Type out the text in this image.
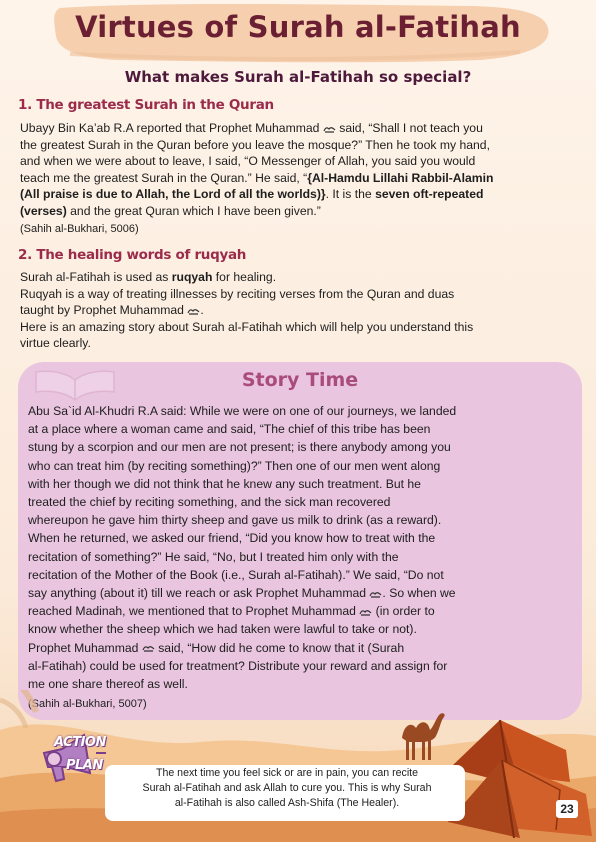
Virtues of Surah al-Fatihah
What makes Surah al-Fatihah so special?
1. The greatest Surah in the Quran
Ubayy Bin Ka’ab R.A reported that Prophet Muhammad said, “Shall I not teach you
the greatest Surah in the Quran before you leave the mosque?” Then he took my hand,
and when we were about to leave, I said, “O Messenger of Allah, you said you would
teach me the greatest Surah in the Quran.” He said, “{Al-Hamdu Lillahi Rabbil-Alamin
(All praise is due to Allah, the Lord of all the worlds)}. It is the seven oft-repeated
(verses) and the great Quran which I have been given.”
(Sahih al-Bukhari, 5006)
2. The healing words of ruqyah
Surah al-Fatihah is used as ruqyah for healing.
Ruqyah is a way of treating illnesses by reciting verses from the Quran and duas
taught by Prophet Muhammad .
Here is an amazing story about Surah al-Fatihah which will help you understand this
virtue clearly.
Story Time
Abu Sa`id Al-Khudri R.A said: While we were on one of our journeys, we landed
at a place where a woman came and said, “The chief of this tribe has been
stung by a scorpion and our men are not present; is there anybody among you
who can treat him (by reciting something)?” Then one of our men went along
with her though we did not think that he knew any such treatment. But he
treated the chief by reciting something, and the sick man recovered
whereupon he gave him thirty sheep and gave us milk to drink (as a reward).
When he returned, we asked our friend, “Did you know how to treat with the
recitation of something?” He said, “No, but I treated him only with the
recitation of the Mother of the Book (i.e., Surah al-Fatihah).” We said, “Do not
say anything (about it) till we reach or ask Prophet Muhammad . So when we
reached Madinah, we mentioned that to Prophet Muhammad  (in order to
know whether the sheep which we had taken were lawful to take or not).
Prophet Muhammad  said, “How did he come to know that it (Surah
al-Fatihah) could be used for treatment? Distribute your reward and assign for
me one share thereof as well.
(Sahih al-Bukhari, 5007)
ACTION
PLAN	The next time you feel sick or are in pain, you can recite
Surah al-Fatihah and ask Allah to cure you. This is why Surah
al-Fatihah is also called Ash-Shifa (The Healer).	23
